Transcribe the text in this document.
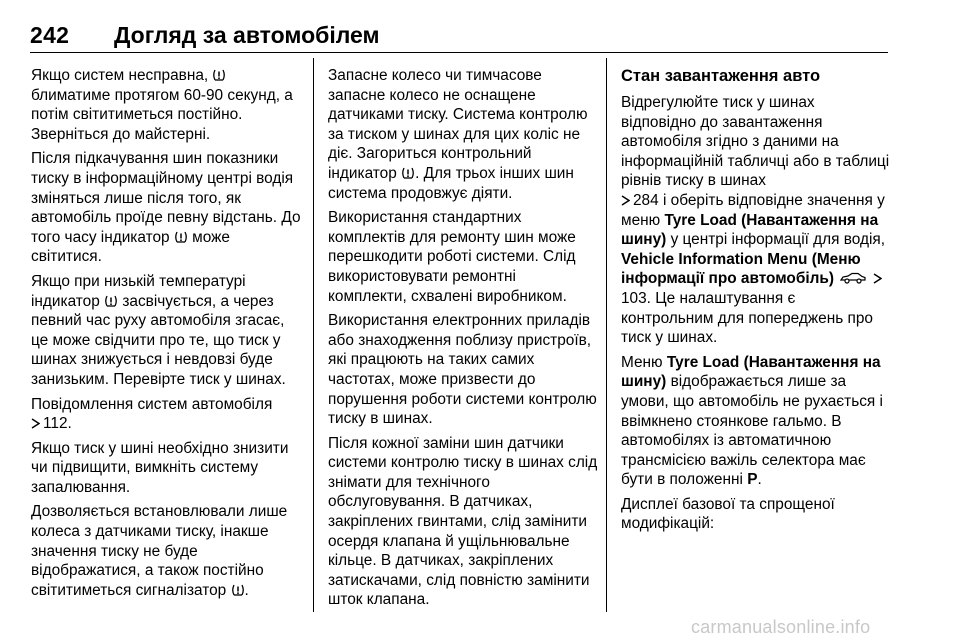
242 Догляд за автомобілем

Якщо систем несправна,  блиматиме протягом 60-90 секунд, а потім світитиметься постійно. Зверніться до майстерні.

Після підкачування шин показники тиску в інформаційному центрі водія зміняться лише після того, як автомобіль проїде певну відстань. До того часу індикатор може світитися.

Якщо при низькій температурі індикатор засвічується, а через певний час руху автомобіля згасає, це може свідчити про те, що тиск у шинах знижується і невдовзі буде занизьким. Перевірте тиск у шинах.

Повідомлення систем автомобіля
112.

Якщо тиск у шині необхідно знизити чи підвищити, вимкніть систему запалювання.

Дозволяється встановлювали лише колеса з датчиками тиску, інакше значення тиску не буде відображатися, а також постійно світитиметься сигналізатор .

Запасне колесо чи тимчасове запасне колесо не оснащене датчиками тиску. Система контролю за тиском у шинах для цих коліс не діє. Загориться контрольний індикатор . Для трьох інших шин система продовжує діяти.

Використання стандартних комплектів для ремонту шин може перешкодити роботі системи. Слід використовувати ремонтні комплекти, схвалені виробником.

Використання електронних приладів або знаходження поблизу пристроїв, які працюють на таких самих частотах, може призвести до порушення роботи системи контролю тиску в шинах.

Після кожної заміни шин датчики системи контролю тиску в шинах слід знімати для технічного обслуговування. В датчиках, закріплених гвинтами, слід замінити осердя клапана й ущільнювальне кільце. В датчиках, закріплених затискачами, слід повністю замінити шток клапана.

Стан завантаження авто

Відрегулюйте тиск у шинах відповідно до завантаження автомобіля згідно з даними на інформаційній табличці або в таблиці рівнів тиску в шинах
284 і оберіть відповідне значення у меню Tyre Load (Навантаження на шину) у центрі інформації для водія, Vehicle Information Menu (Меню інформації про автомобіль)  103. Це налаштування є контрольним для попереджень про тиск у шинах.

Меню Tyre Load (Навантаження на шину) відображається лише за умови, що автомобіль не рухається і ввімкнено стоянкове гальмо. В автомобілях із автоматичною трансмісією важіль селектора має бути в положенні P.

Дисплеї базової та спрощеної модифікацій:

carmanualsonline.info
